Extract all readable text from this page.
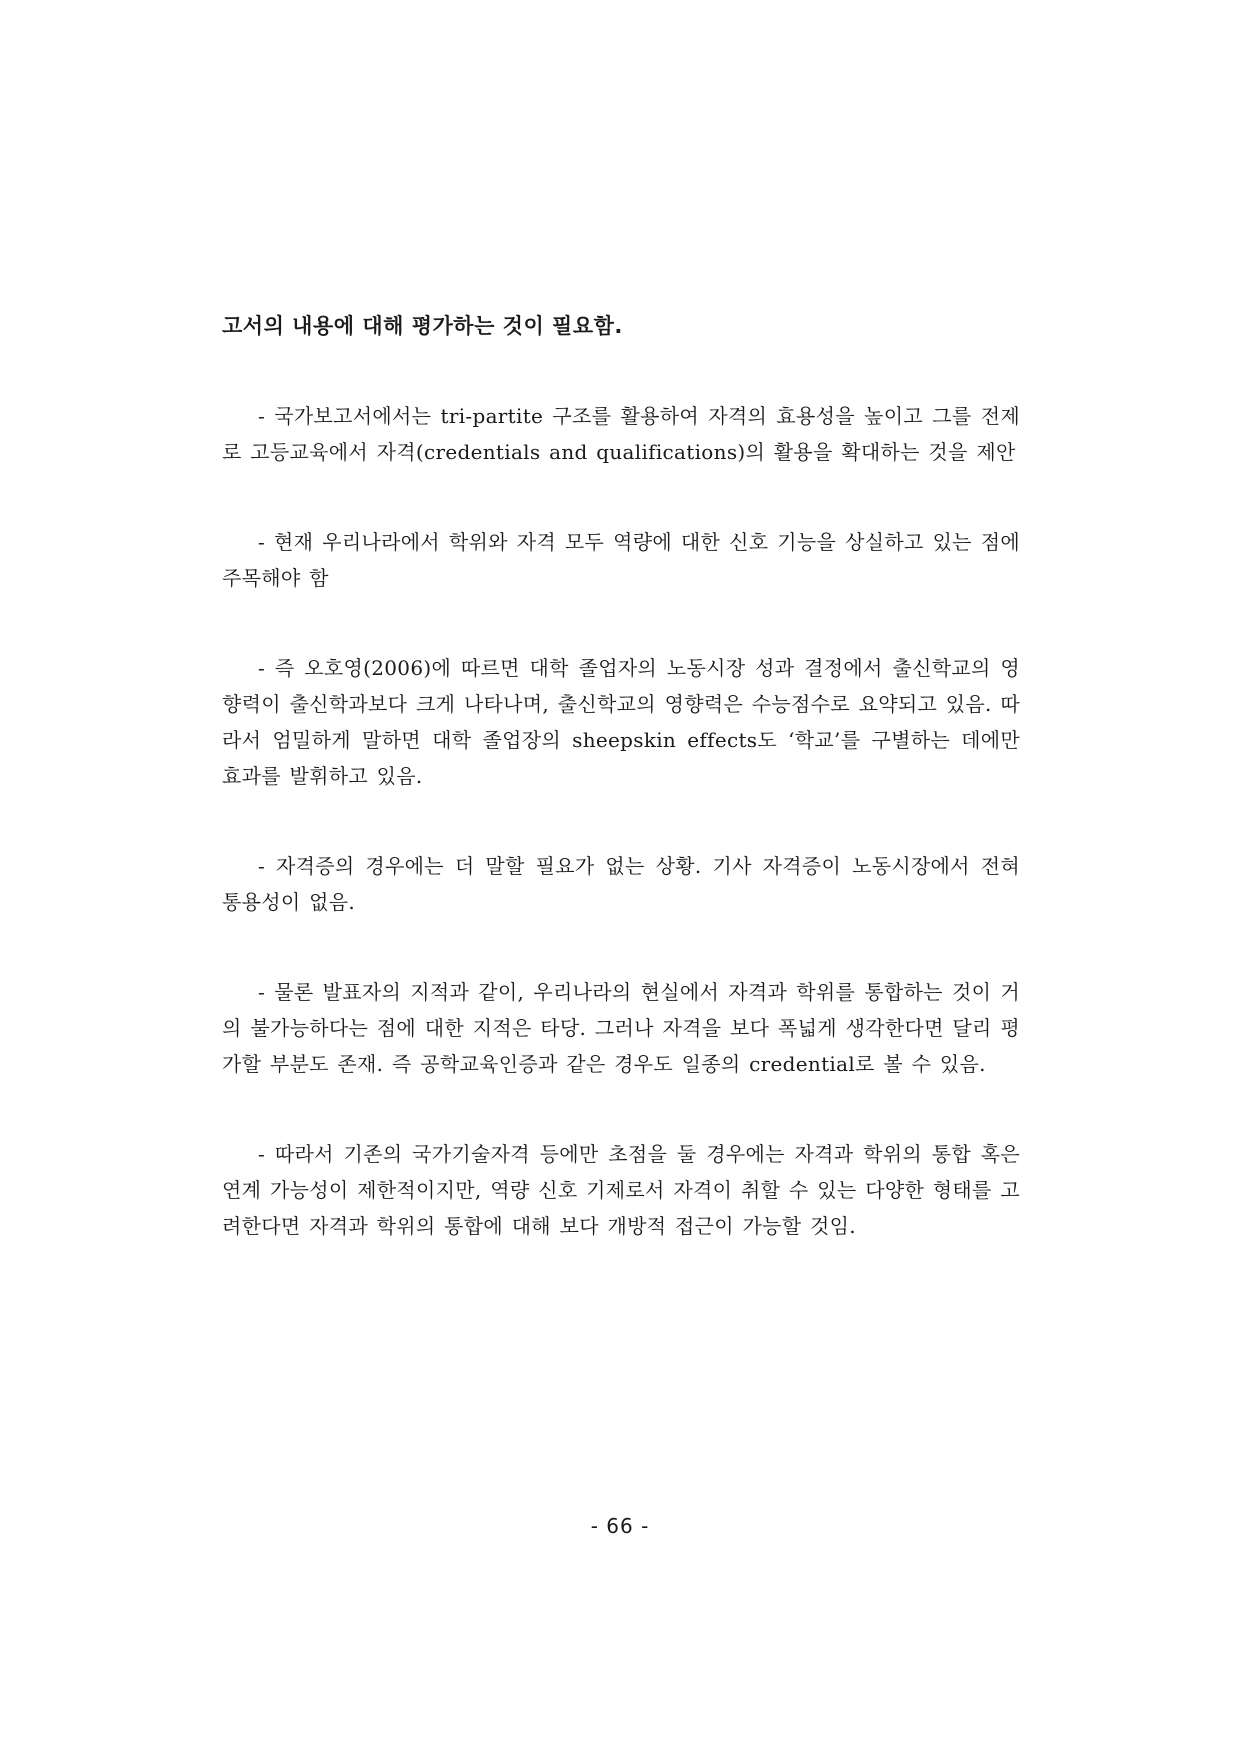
고서의 내용에 대해 평가하는 것이 필요함.

- 국가보고서에서는 tri-partite 구조를 활용하여 자격의 효용성을 높이고 그를 전제로 고등교육에서 자격(credentials and qualifications)의 활용을 확대하는 것을 제안

- 현재 우리나라에서 학위와 자격 모두 역량에 대한 신호 기능을 상실하고 있는 점에 주목해야 함

- 즉 오호영(2006)에 따르면 대학 졸업자의 노동시장 성과 결정에서 출신학교의 영향력이 출신학과보다 크게 나타나며, 출신학교의 영향력은 수능점수로 요약되고 있음. 따라서 엄밀하게 말하면 대학 졸업장의 sheepskin effects도 ‘학교’를 구별하는 데에만 효과를 발휘하고 있음.

- 자격증의 경우에는 더 말할 필요가 없는 상황. 기사 자격증이 노동시장에서 전혀 통용성이 없음.

- 물론 발표자의 지적과 같이, 우리나라의 현실에서 자격과 학위를 통합하는 것이 거의 불가능하다는 점에 대한 지적은 타당. 그러나 자격을 보다 폭넓게 생각한다면 달리 평가할 부분도 존재. 즉 공학교육인증과 같은 경우도 일종의 credential로 볼 수 있음.

- 따라서 기존의 국가기술자격 등에만 초점을 둘 경우에는 자격과 학위의 통합 혹은 연계 가능성이 제한적이지만, 역량 신호 기제로서 자격이 취할 수 있는 다양한 형태를 고려한다면 자격과 학위의 통합에 대해 보다 개방적 접근이 가능할 것임.

- 66 -
